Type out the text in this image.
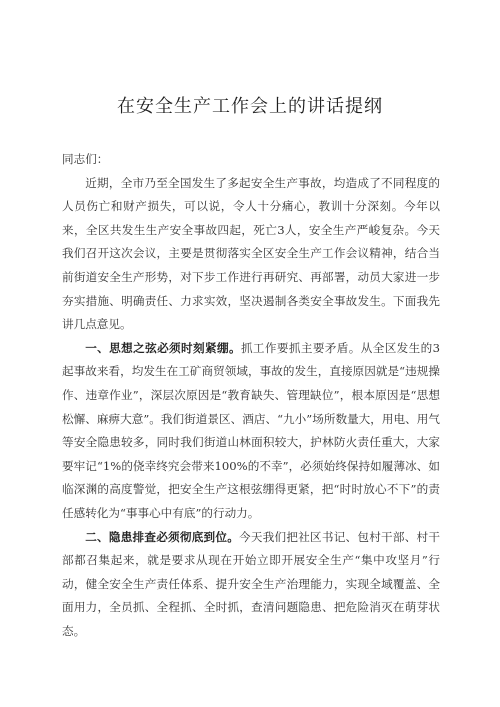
在安全生产工作会上的讲话提纲

同志们：

近期，全市乃至全国发生了多起安全生产事故，均造成了不同程度的人员伤亡和财产损失，可以说，令人十分痛心，教训十分深刻。今年以来，全区共发生生产安全事故四起，死亡3人，安全生产严峻复杂。今天我们召开这次会议，主要是贯彻落实全区安全生产工作会议精神，结合当前街道安全生产形势，对下步工作进行再研究、再部署，动员大家进一步夯实措施、明确责任、力求实效，坚决遏制各类安全事故发生。下面我先讲几点意见。

一、思想之弦必须时刻紧绷。抓工作要抓主要矛盾。从全区发生的3起事故来看，均发生在工矿商贸领域，事故的发生，直接原因就是“违规操作、违章作业”，深层次原因是“教育缺失、管理缺位”，根本原因是“思想松懈、麻痹大意”。我们街道景区、酒店、“九小”场所数量大，用电、用气等安全隐患较多，同时我们街道山林面积较大，护林防火责任重大，大家要牢记“1%的侥幸终究会带来100%的不幸”，必须始终保持如履薄冰、如临深渊的高度警觉，把安全生产这根弦绷得更紧，把“时时放心不下”的责任感转化为“事事心中有底”的行动力。

二、隐患排查必须彻底到位。今天我们把社区书记、包村干部、村干部都召集起来，就是要求从现在开始立即开展安全生产“集中攻坚月”行动，健全安全生产责任体系、提升安全生产治理能力，实现全域覆盖、全面用力，全员抓、全程抓、全时抓，查清问题隐患、把危险消灭在萌芽状态。
